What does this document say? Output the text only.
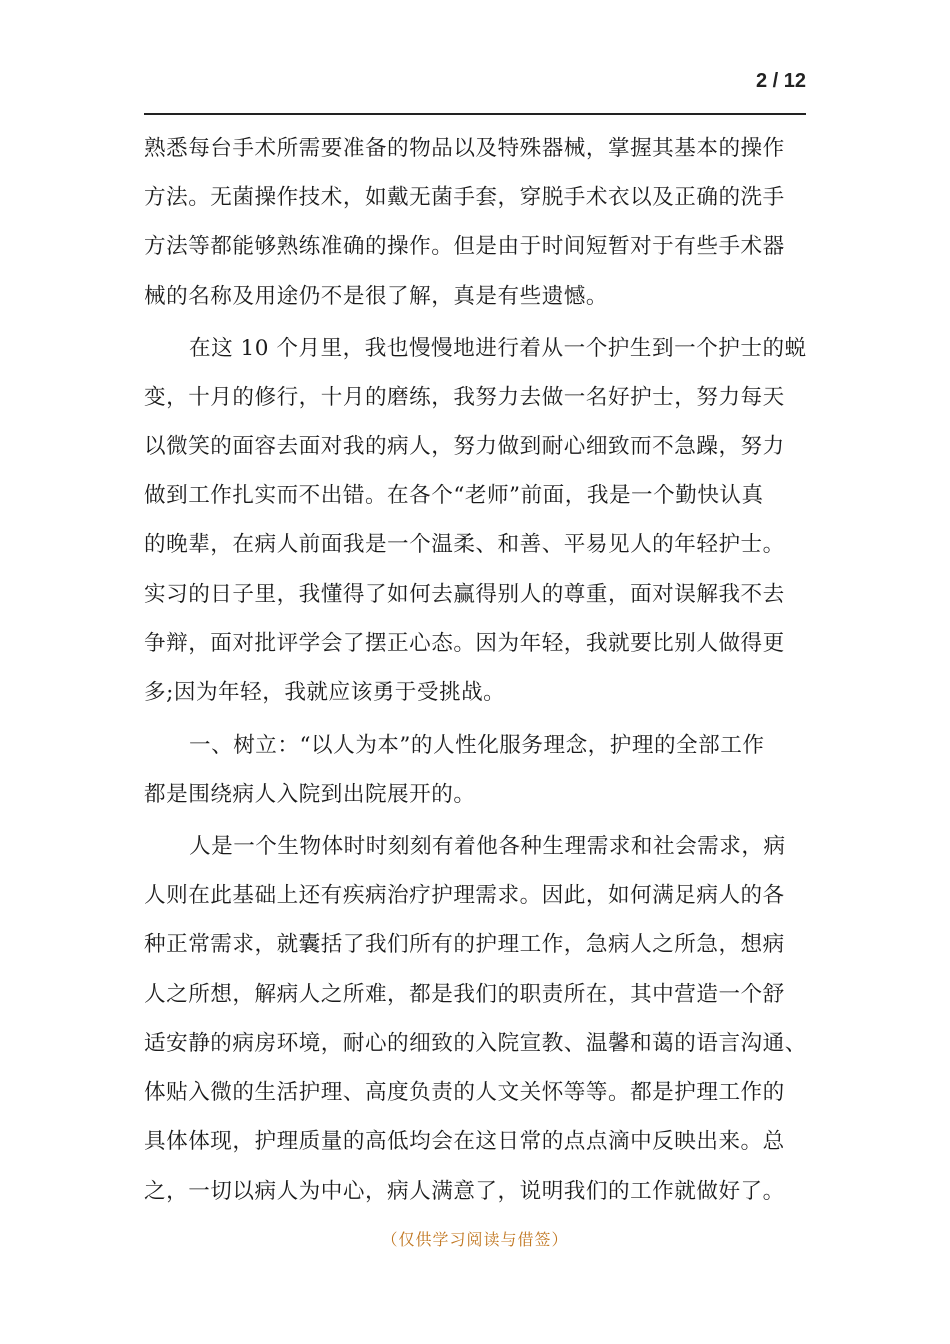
2 / 12
熟悉每台手术所需要准备的物品以及特殊器械，掌握其基本的操作
方法。无菌操作技术，如戴无菌手套，穿脱手术衣以及正确的洗手
方法等都能够熟练准确的操作。但是由于时间短暂对于有些手术器
械的名称及用途仍不是很了解，真是有些遗憾。
在这 10 个月里，我也慢慢地进行着从一个护生到一个护士的蜕
变，十月的修行，十月的磨练，我努力去做一名好护士，努力每天
以微笑的面容去面对我的病人，努力做到耐心细致而不急躁，努力
做到工作扎实而不出错。在各个“老师”前面，我是一个勤快认真
的晚辈，在病人前面我是一个温柔、和善、平易见人的年轻护士。
实习的日子里，我懂得了如何去赢得别人的尊重，面对误解我不去
争辩，面对批评学会了摆正心态。因为年轻，我就要比别人做得更
多;因为年轻，我就应该勇于受挑战。
一、树立：“以人为本”的人性化服务理念，护理的全部工作
都是围绕病人入院到出院展开的。
人是一个生物体时时刻刻有着他各种生理需求和社会需求，病
人则在此基础上还有疾病治疗护理需求。因此，如何满足病人的各
种正常需求，就囊括了我们所有的护理工作，急病人之所急，想病
人之所想，解病人之所难，都是我们的职责所在，其中营造一个舒
适安静的病房环境，耐心的细致的入院宣教、温馨和蔼的语言沟通、
体贴入微的生活护理、高度负责的人文关怀等等。都是护理工作的
具体体现，护理质量的高低均会在这日常的点点滴中反映出来。总
之，一切以病人为中心，病人满意了，说明我们的工作就做好了。
（仅供学习阅读与借签）
